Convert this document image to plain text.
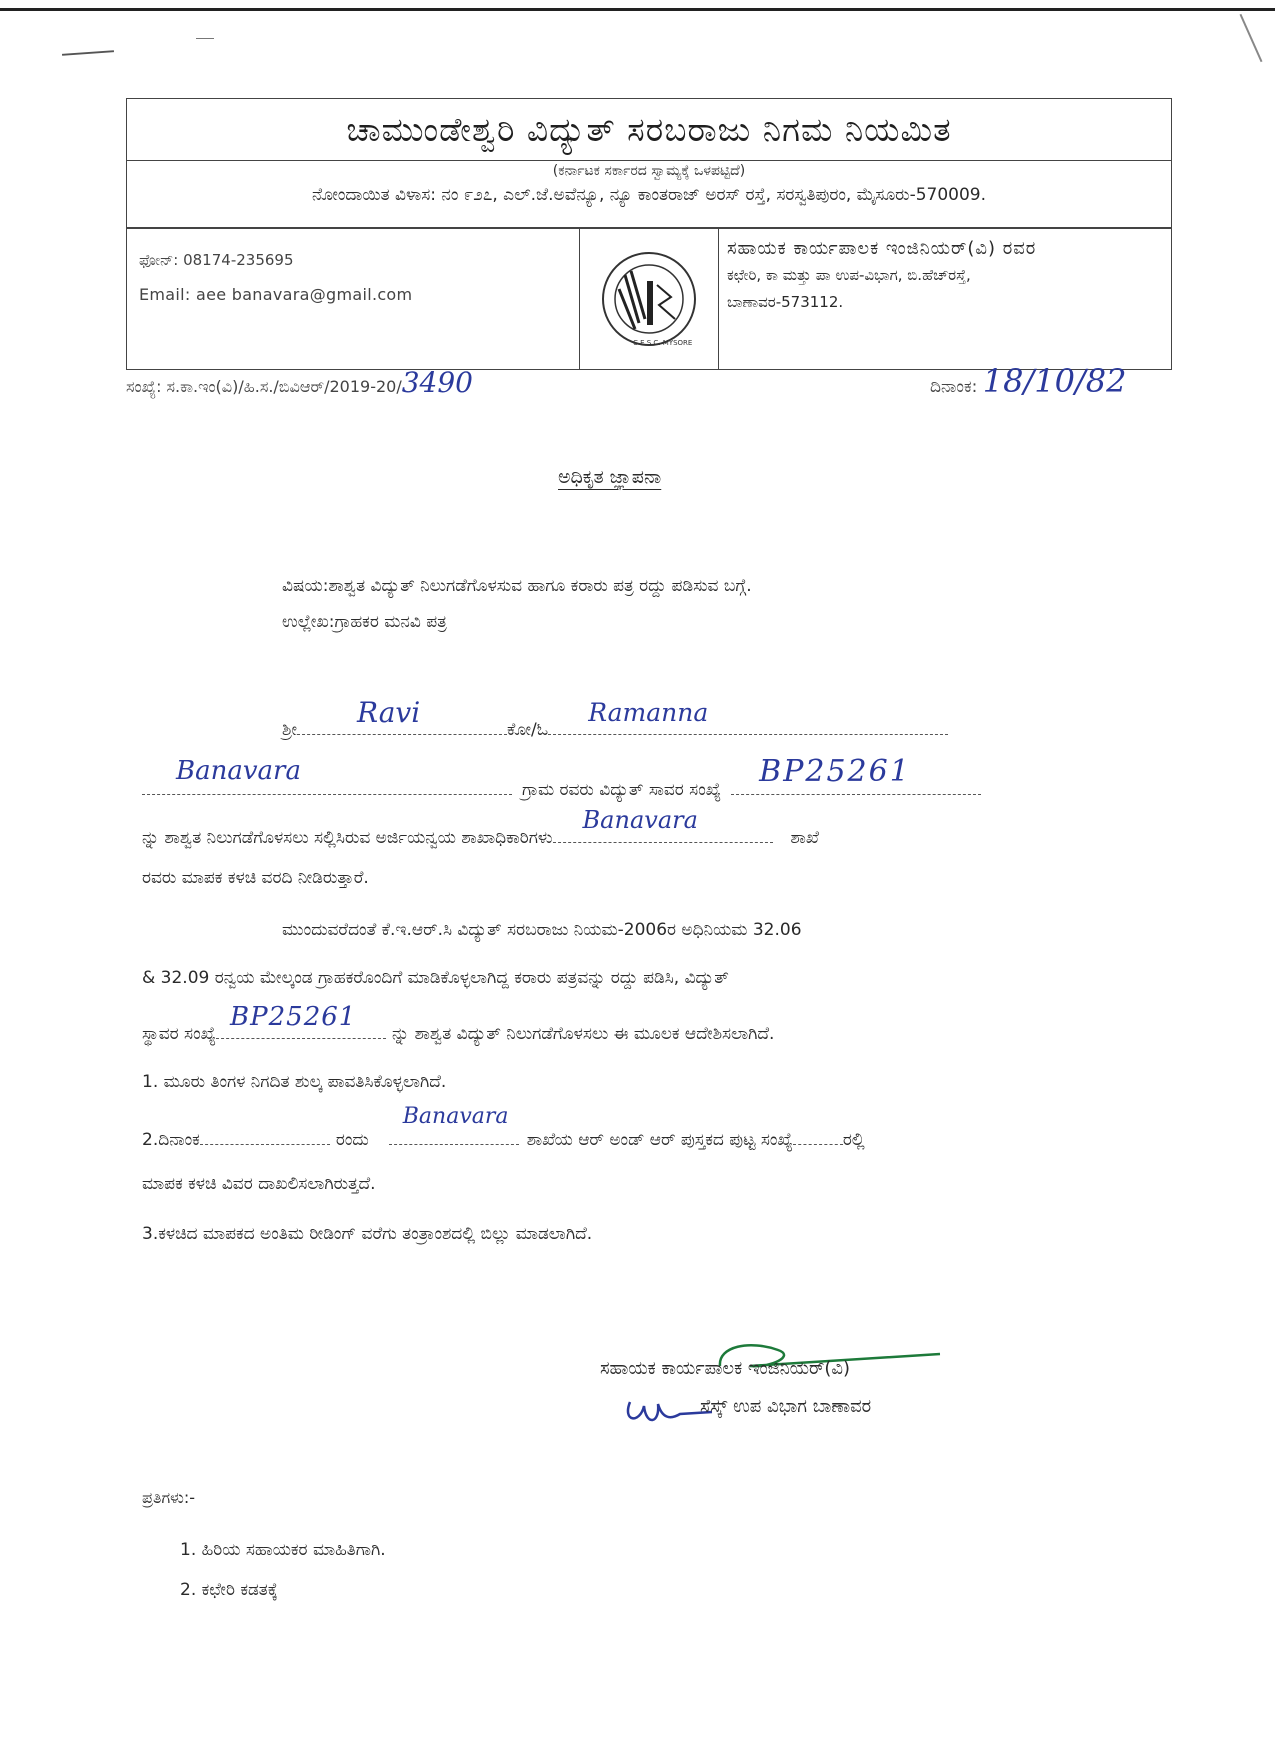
ಚಾಮುಂಡೇಶ್ವರಿ ವಿದ್ಯುತ್ ಸರಬರಾಜು ನಿಗಮ ನಿಯಮಿತ
(ಕರ್ನಾಟಕ ಸರ್ಕಾರದ ಸ್ವಾಮ್ಯಕ್ಕೆ ಒಳಪಟ್ಟಿದೆ)
ನೋಂದಾಯಿತ ವಿಳಾಸ: ನಂ ೯೨೭, ಎಲ್.ಜೆ.ಅವೆನ್ಯೂ, ನ್ಯೂ ಕಾಂತರಾಜ್ ಅರಸ್ ರಸ್ತೆ, ಸರಸ್ವತಿಪುರಂ, ಮೈಸೂರು-570009.
ಫೋನ್: 08174-235695
Email: aee banavara@gmail.com
C.E.S.C. MYSORE
ಸಹಾಯಕ ಕಾರ್ಯಪಾಲಕ ಇಂಜಿನಿಯರ್(ವಿ) ರವರ
ಕಛೇರಿ, ಕಾ ಮತ್ತು ಪಾ ಉಪ-ವಿಭಾಗ, ಬಿ.ಹೆಚ್‌ರಸ್ತೆ,
ಬಾಣಾವರ-573112.
ಸಂಖ್ಯೆ: ಸ.ಕಾ.ಇಂ(ವಿ)/ಹಿ.ಸ./ಬಿವಿಆರ್/2019-20/3490	ದಿನಾಂಕ: 18/10/82
ಅಧಿಕೃತ ಜ್ಞಾಪನಾ
ವಿಷಯ:ಶಾಶ್ವತ ವಿದ್ಯುತ್ ನಿಲುಗಡೆಗೊಳಸುವ ಹಾಗೂ ಕರಾರು ಪತ್ರ ರದ್ದು ಪಡಿಸುವ ಬಗ್ಗೆ.
ಉಲ್ಲೇಖ:ಗ್ರಾಹಕರ ಮನವಿ ಪತ್ರ
ಶ್ರೀ
Ravi
ಕೋ/ಓ
Ramanna
Banavara
ಗ್ರಾಮ ರವರು ವಿದ್ಯುತ್ ಸಾವರ ಸಂಖ್ಯೆ
BP25261
ನ್ನು ಶಾಶ್ವತ ನಿಲುಗಡೆಗೊಳಸಲು ಸಲ್ಲಿಸಿರುವ ಅರ್ಜಿಯನ್ವಯ ಶಾಖಾಧಿಕಾರಿಗಳು
Banavara
ಶಾಖೆ
ರವರು ಮಾಪಕ ಕಳಚಿ ವರದಿ ನೀಡಿರುತ್ತಾರೆ.
ಮುಂದುವರೆದಂತೆ ಕೆ.ಇ.ಆರ್.ಸಿ ವಿದ್ಯುತ್ ಸರಬರಾಜು ನಿಯಮ-2006ರ ಅಧಿನಿಯಮ 32.06
& 32.09 ರನ್ವಯ ಮೇಲ್ಕಂಡ ಗ್ರಾಹಕರೊಂದಿಗೆ ಮಾಡಿಕೊಳ್ಳಲಾಗಿದ್ದ ಕರಾರು ಪತ್ರವನ್ನು ರದ್ದು ಪಡಿಸಿ, ವಿದ್ಯುತ್
ಸ್ಥಾವರ ಸಂಖ್ಯೆ
BP25261
ನ್ನು ಶಾಶ್ವತ ವಿದ್ಯುತ್ ನಿಲುಗಡೆಗೊಳಸಲು ಈ ಮೂಲಕ ಆದೇಶಿಸಲಾಗಿದೆ.
1. ಮೂರು ತಿಂಗಳ ನಿಗದಿತ ಶುಲ್ಕ ಪಾವತಿಸಿಕೊಳ್ಳಲಾಗಿದೆ.
2.ದಿನಾಂಕ	ರಂದು
Banavara
ಶಾಖೆಯ ಆರ್ ಅಂಡ್ ಆರ್ ಪುಸ್ತಕದ ಪುಟ್ಟ ಸಂಖ್ಯೆ	ರಲ್ಲಿ
ಮಾಪಕ ಕಳಚಿ ವಿವರ ದಾಖಲಿಸಲಾಗಿರುತ್ತದೆ.
3.ಕಳಚಿದ ಮಾಪಕದ ಅಂತಿಮ ರೀಡಿಂಗ್ ವರೆಗು ತಂತ್ರಾಂಶದಲ್ಲಿ ಬಿಲ್ಲು ಮಾಡಲಾಗಿದೆ.
ಸಹಾಯಕ ಕಾರ್ಯಪಾಲಕ ಇಂಜಿನಿಯರ್(ವಿ)
ಸೆಸ್ಕ್ ಉಪ ವಿಭಾಗ ಬಾಣಾವರ
ಪ್ರತಿಗಳು:-
1. ಹಿರಿಯ ಸಹಾಯಕರ ಮಾಹಿತಿಗಾಗಿ.
2. ಕಛೇರಿ ಕಡತಕ್ಕೆ
